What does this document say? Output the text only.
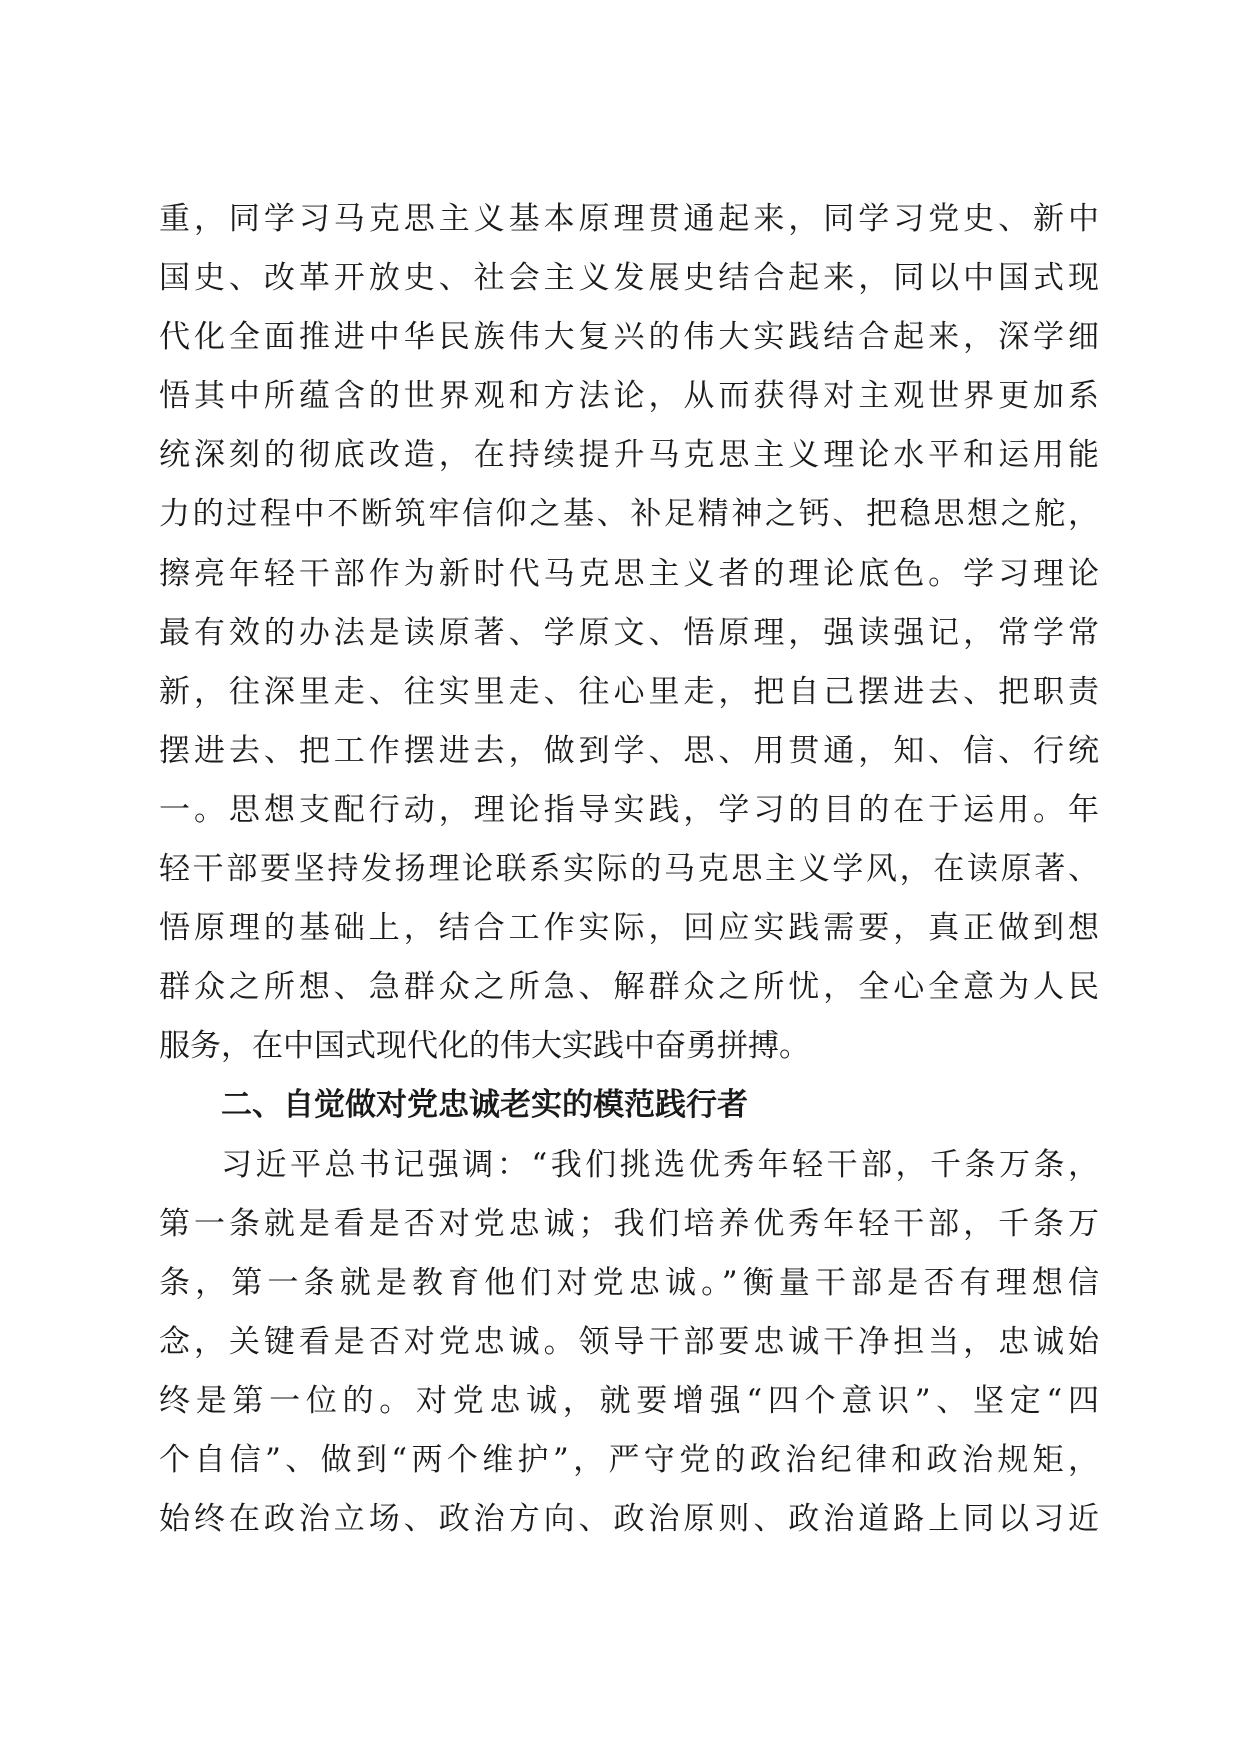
重，同学习马克思主义基本原理贯通起来，同学习党史、新中
国史、改革开放史、社会主义发展史结合起来，同以中国式现
代化全面推进中华民族伟大复兴的伟大实践结合起来，深学细
悟其中所蕴含的世界观和方法论，从而获得对主观世界更加系
统深刻的彻底改造，在持续提升马克思主义理论水平和运用能
力的过程中不断筑牢信仰之基、补足精神之钙、把稳思想之舵，
擦亮年轻干部作为新时代马克思主义者的理论底色。学习理论
最有效的办法是读原著、学原文、悟原理，强读强记，常学常
新，往深里走、往实里走、往心里走，把自己摆进去、把职责
摆进去、把工作摆进去，做到学、思、用贯通，知、信、行统
一。思想支配行动，理论指导实践，学习的目的在于运用。年
轻干部要坚持发扬理论联系实际的马克思主义学风，在读原著、
悟原理的基础上，结合工作实际，回应实践需要，真正做到想
群众之所想、急群众之所急、解群众之所忧，全心全意为人民
服务，在中国式现代化的伟大实践中奋勇拼搏。
二、自觉做对党忠诚老实的模范践行者
习近平总书记强调：“我们挑选优秀年轻干部，千条万条，
第一条就是看是否对党忠诚；我们培养优秀年轻干部，千条万
条，第一条就是教育他们对党忠诚。”衡量干部是否有理想信
念，关键看是否对党忠诚。领导干部要忠诚干净担当，忠诚始
终是第一位的。对党忠诚，就要增强“四个意识”、坚定“四
个自信”、做到“两个维护”，严守党的政治纪律和政治规矩，
始终在政治立场、政治方向、政治原则、政治道路上同以习近
